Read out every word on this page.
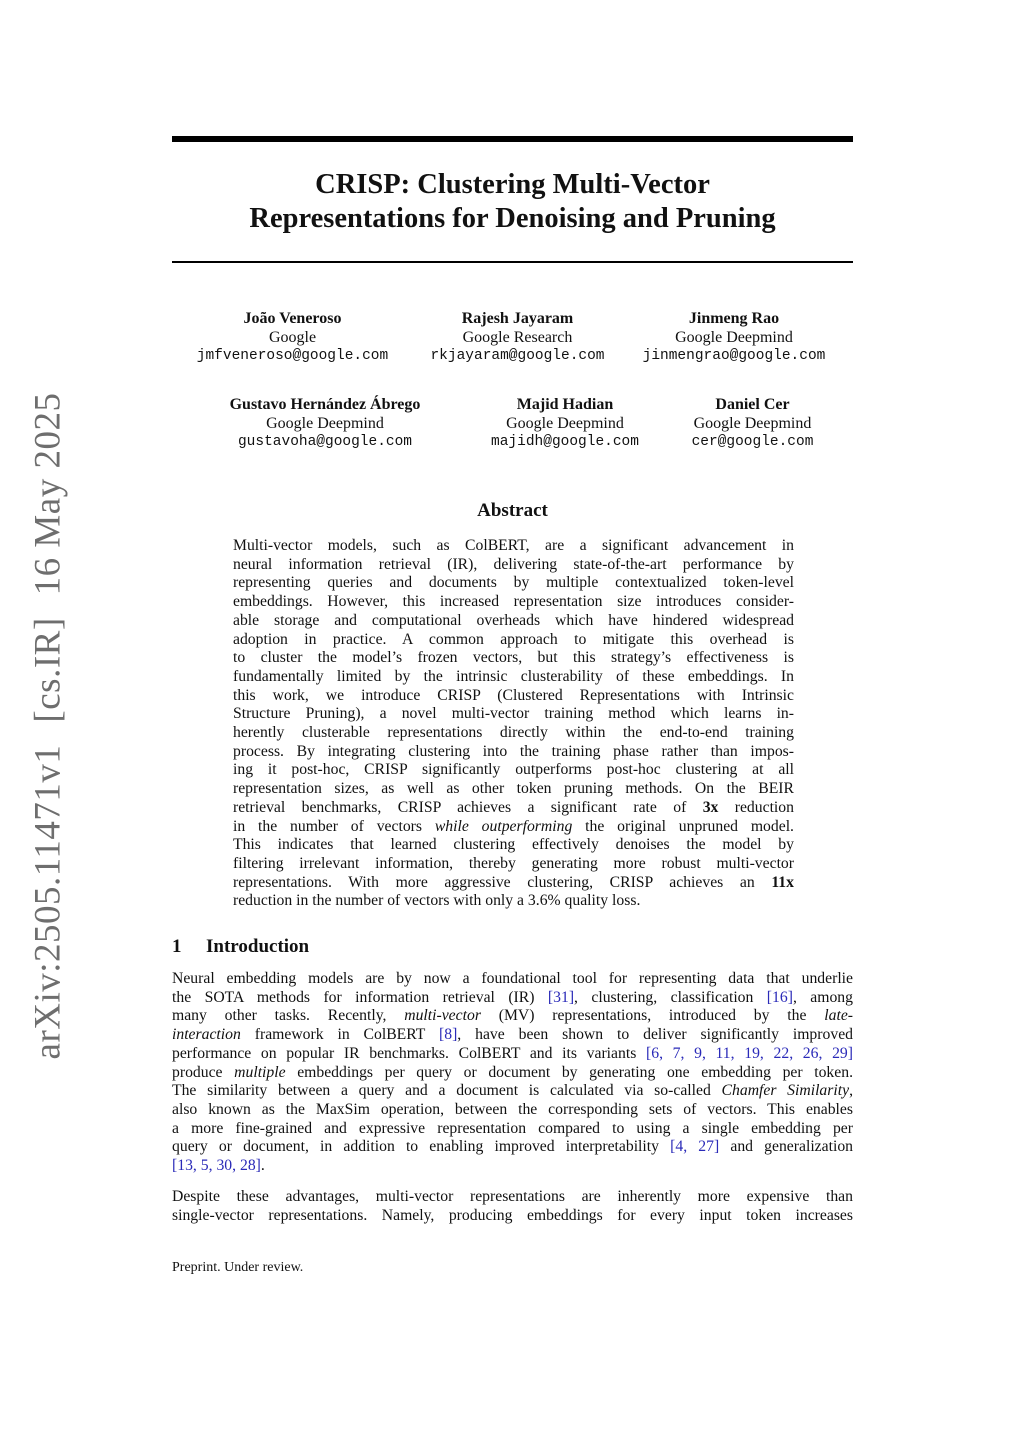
arXiv:2505.11471v1[cs.IR]16 May 2025
CRISP: Clustering Multi-Vector
Representations for Denoising and Pruning
João Veneroso
Google
jmfveneroso@google.com
Rajesh Jayaram
Google Research
rkjayaram@google.com
Jinmeng Rao
Google Deepmind
jinmengrao@google.com
Gustavo Hernández Ábrego
Google Deepmind
gustavoha@google.com
Majid Hadian
Google Deepmind
majidh@google.com
Daniel Cer
Google Deepmind
cer@google.com
Abstract
Multi-vector models, such as ColBERT, are a significant advancement in
neural information retrieval (IR), delivering state-of-the-art performance by
representing queries and documents by multiple contextualized token-level
embeddings. However, this increased representation size introduces consider-
able storage and computational overheads which have hindered widespread
adoption in practice. A common approach to mitigate this overhead is
to cluster the model’s frozen vectors, but this strategy’s effectiveness is
fundamentally limited by the intrinsic clusterability of these embeddings. In
this work, we introduce CRISP (Clustered Representations with Intrinsic
Structure Pruning), a novel multi-vector training method which learns in-
herently clusterable representations directly within the end-to-end training
process. By integrating clustering into the training phase rather than impos-
ing it post-hoc, CRISP significantly outperforms post-hoc clustering at all
representation sizes, as well as other token pruning methods. On the BEIR
retrieval benchmarks, CRISP achieves a significant rate of 3x reduction
in the number of vectors while outperforming the original unpruned model.
This indicates that learned clustering effectively denoises the model by
filtering irrelevant information, thereby generating more robust multi-vector
representations. With more aggressive clustering, CRISP achieves an 11x
reduction in the number of vectors with only a 3.6% quality loss.
1 Introduction
Neural embedding models are by now a foundational tool for representing data that underlie
the SOTA methods for information retrieval (IR) [31], clustering, classification [16], among
many other tasks. Recently, multi-vector (MV) representations, introduced by the late-
interaction framework in ColBERT [8], have been shown to deliver significantly improved
performance on popular IR benchmarks. ColBERT and its variants [6, 7, 9, 11, 19, 22, 26, 29]
produce multiple embeddings per query or document by generating one embedding per token.
The similarity between a query and a document is calculated via so-called Chamfer Similarity,
also known as the MaxSim operation, between the corresponding sets of vectors. This enables
a more fine-grained and expressive representation compared to using a single embedding per
query or document, in addition to enabling improved interpretability [4, 27] and generalization
[13, 5, 30, 28].
Despite these advantages, multi-vector representations are inherently more expensive than
single-vector representations. Namely, producing embeddings for every input token increases
Preprint. Under review.
